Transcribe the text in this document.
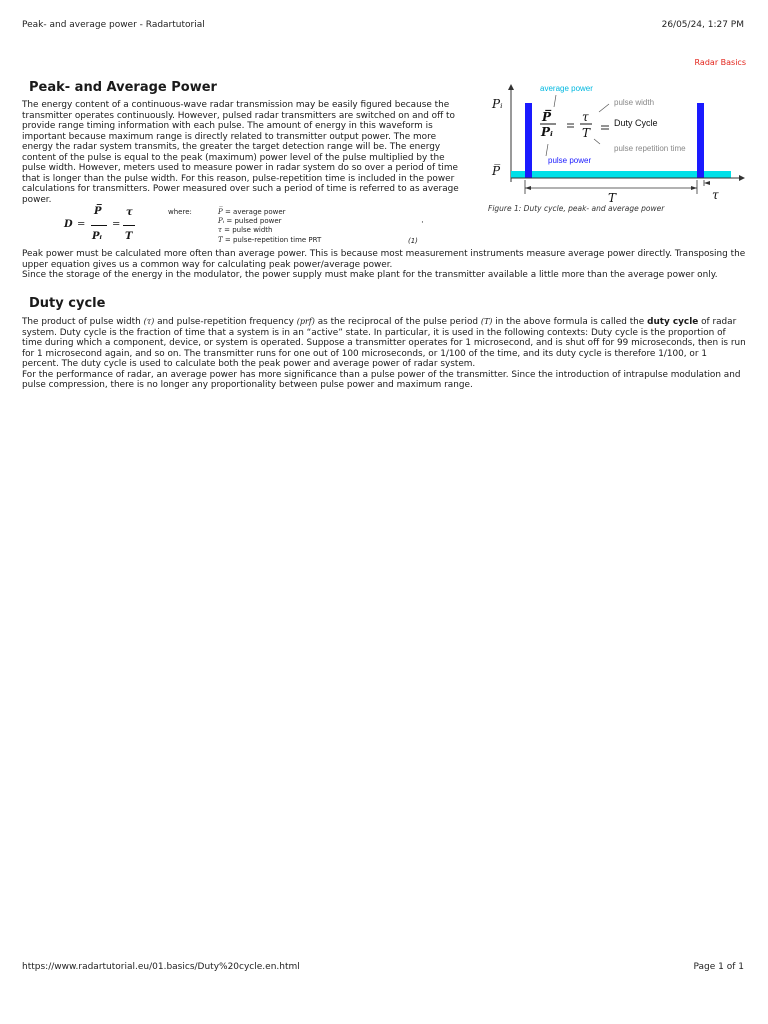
Peak- and average power - Radartutorial	26/05/24, 1:27 PM
Radar Basics
Peak- and Average Power

The energy content of a continuous-wave radar transmission may be easily figured because the transmitter operates continuously. However, pulsed radar transmitters are switched on and off to provide range timing information with each pulse. The amount of energy in this waveform is important because maximum range is directly related to transmitter output power. The more energy the radar system transmits, the greater the target detection range will be. The energy content of the pulse is equal to the peak (maximum) power level of the pulse multiplied by the pulse width. However, meters used to measure power in radar system do so over a period of time that is longer than the pulse width. For this reason, pulse-repetition time is included in the power calculations for transmitters. Power measured over such a period of time is referred to as average power.

D =
P̅
Pᵢ
=
τ
T
where:	P̅ = average power
Pᵢ = pulsed power
τ = pulse width
T = pulse-repetition time PRT
·
(1)
average power
pulse width
Duty Cycle
pulse repetition time
pulse power
P̅
Pᵢ
τ
T
Pᵢ
P̅
T	τ
Figure 1: Duty cycle, peak- and average power

Peak power must be calculated more often than average power. This is because most measurement instruments measure average power directly. Transposing the upper equation gives us a common way for calculating peak power/average power.

Since the storage of the energy in the modulator, the power supply must make plant for the transmitter available a little more than the average power only.

Duty cycle

The product of pulse width (τ) and pulse-repetition frequency (prf) as the reciprocal of the pulse period (T) in the above formula is called the duty cycle of radar system. Duty cycle is the fraction of time that a system is in an “active” state. In particular, it is used in the following contexts: Duty cycle is the proportion of time during which a component, device, or system is operated. Suppose a transmitter operates for 1 microsecond, and is shut off for 99 microseconds, then is run for 1 microsecond again, and so on. The transmitter runs for one out of 100 microseconds, or 1/100 of the time, and its duty cycle is therefore 1/100, or 1 percent. The duty cycle is used to calculate both the peak power and average power of radar system.

For the performance of radar, an average power has more significance than a pulse power of the transmitter. Since the introduction of intrapulse modulation and pulse compression, there is no longer any proportionality between pulse power and maximum range.

https://www.radartutorial.eu/01.basics/Duty%20cycle.en.html	Page 1 of 1
